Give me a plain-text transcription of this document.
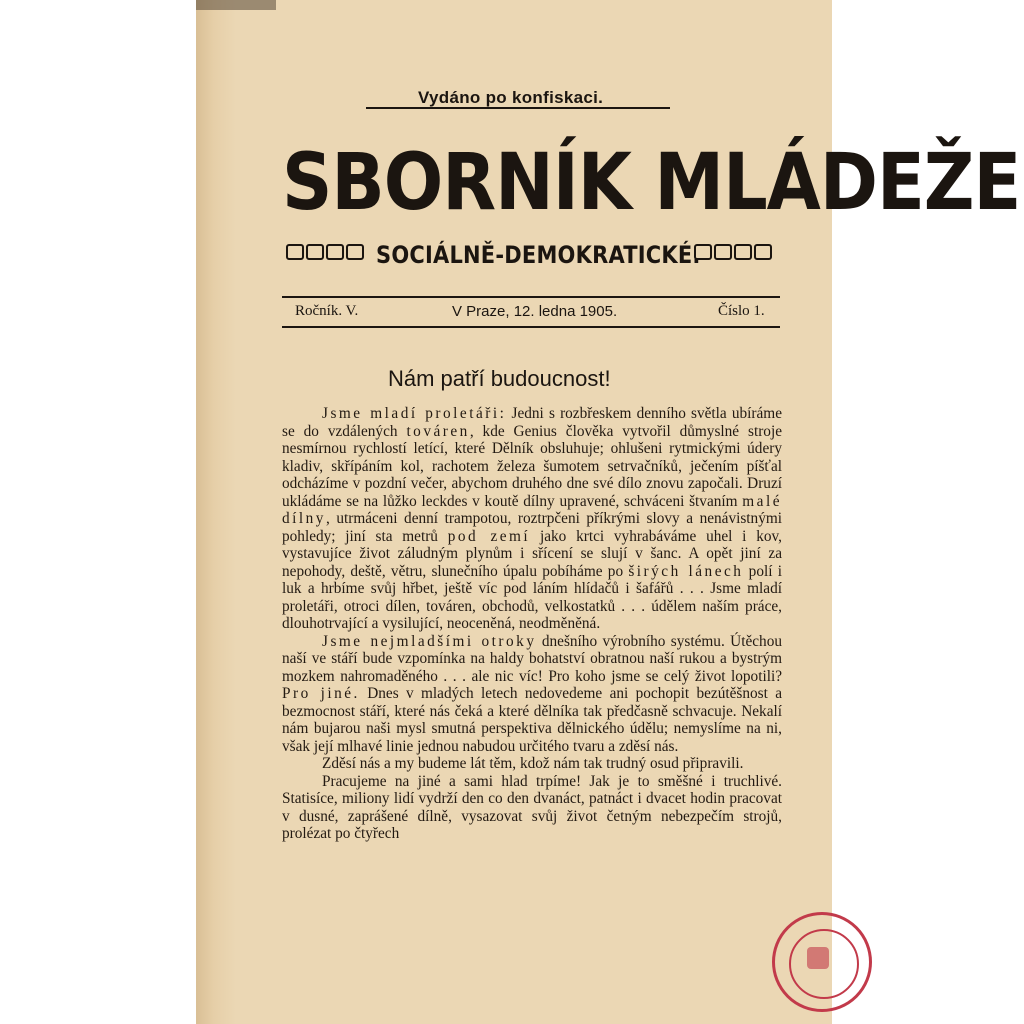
Vydáno po konfiskaci.
SBORNÍK MLÁDEŽE
SOCIÁLNĚ-DEMOKRATICKÉ.
Ročník. V.	V Praze, 12. ledna 1905.	Číslo 1.
Nám patří budoucnost!

Jsme mladí proletáři: Jedni s rozbřeskem denního světla ubíráme se do vzdálených továren, kde Genius člověka vytvořil důmyslné stroje nesmírnou rychlostí letící, které Dělník obsluhuje; ohlušeni rytmickými údery kladiv, skřípáním kol, rachotem železa šumotem setrvačníků, ječením píšťal odcházíme v pozdní večer, abychom druhého dne své dílo znovu započali. Druzí ukládáme se na lůžko leckdes v koutě dílny upravené, schváceni štvaním malé dílny, utrmáceni denní trampotou, roztrpčeni příkrými slovy a nenávistnými pohledy; jiní sta metrů pod zemí jako krtci vyhrabáváme uhel i kov, vystavujíce život záludným plynům i sřícení se slují v šanc. A opět jiní za nepohody, deště, větru, slunečního úpalu pobíháme po širých lánech polí i luk a hrbíme svůj hřbet, ještě víc pod láním hlídačů i šafářů . . . Jsme mladí proletáři, otroci dílen, továren, obchodů, velkostatků . . . údělem naším práce, dlouhotrvající a vysilující, neoceněná, neodměněná.

Jsme nejmladšími otroky dnešního výrobního systému. Útěchou naší ve stáří bude vzpomínka na haldy bohatství obratnou naší rukou a bystrým mozkem nahromaděného . . . ale nic víc! Pro koho jsme se celý život lopotili? Pro jiné. Dnes v mladých letech nedovedeme ani pochopit bezútěšnost a bezmocnost stáří, které nás čeká a které dělníka tak předčasně schvacuje. Nekalí nám bujarou naši mysl smutná perspektiva dělnického údělu; nemyslíme na ni, však její mlhavé linie jednou nabudou určitého tvaru a zděsí nás.

Zděsí nás a my budeme lát těm, kdož nám tak trudný osud připravili.

Pracujeme na jiné a sami hlad trpíme! Jak je to směšné i truchlivé. Statisíce, miliony lidí vydrží den co den dvanáct, patnáct i dvacet hodin pracovat v dusné, zaprášené dílně, vysazovat svůj život četným nebezpečím strojů, prolézat po čtyřech
